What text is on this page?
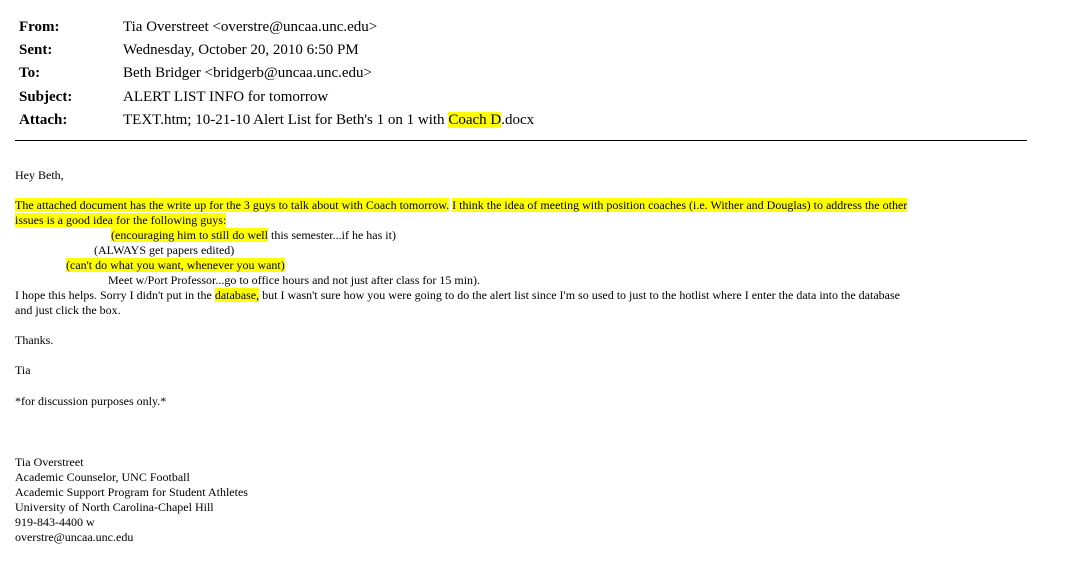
From:	Tia Overstreet <overstre@uncaa.unc.edu>
Sent:	Wednesday, October 20, 2010 6:50 PM
To:	Beth Bridger <bridgerb@uncaa.unc.edu>
Subject:	ALERT LIST INFO for tomorrow
Attach:	TEXT.htm; 10-21-10 Alert List for Beth's 1 on 1 with Coach D.docx
Hey Beth,
The attached document has the write up for the 3 guys to talk about with Coach tomorrow. I think the idea of meeting with position coaches (i.e. Wither and Douglas) to address the other
issues is a good idea for the following guys:
(encouraging him to still do well this semester...if he has it)
(ALWAYS get papers edited)
(can't do what you want, whenever you want)
Meet w/Port Professor...go to office hours and not just after class for 15 min).
I hope this helps. Sorry I didn't put in the database, but I wasn't sure how you were going to do the alert list since I'm so used to just to the hotlist where I enter the data into the database
and just click the box.
Thanks.
Tia
*for discussion purposes only.*
Tia Overstreet
Academic Counselor, UNC Football
Academic Support Program for Student Athletes
University of North Carolina-Chapel Hill
919-843-4400 w
overstre@uncaa.unc.edu
